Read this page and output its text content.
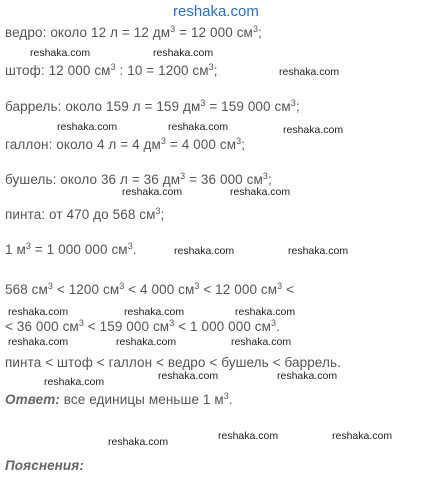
reshaka.com
ведро: около 12 л = 12 $дм^3 = 12$ 000 $см^3$;
штоф: 12 000 $см^3$ : 10 = 1200 $см^3$;
баррель: около 159 л = 159 $дм^3 = 159$ 000 $см^3$;
галлон: около 4 л = 4 $дм^3 = 4$ 000 $см^3$;
бушель: около 36 л = 36 $дм^3 = 36$ 000 $см^3$;
пинта: от 470 до 568 $см^3$;
1 $м^3 = 1$ 000 000 $см^3$.
568 $см^3 < 1200$ $см^3 < 4$ 000 $см^3 < 12$ 000 $см^3$ <
< 36 000 $см^3 < 159$ 000 $см^3 < 1$ 000 000 $см^3$.
пинта < штоф < галлон < ведро < бушель < баррель.
Ответ: все единицы меньше 1 $м^3$.
Пояснения:
reshaka.com	reshaka.com
reshaka.com
reshaka.com	reshaka.com	reshaka.com
reshaka.com	reshaka.com
reshaka.com	reshaka.com
reshaka.com	reshaka.com	reshaka.com
reshaka.com	reshaka.com	reshaka.com
reshaka.com	reshaka.com	reshaka.com
reshaka.com	reshaka.com	reshaka.com
